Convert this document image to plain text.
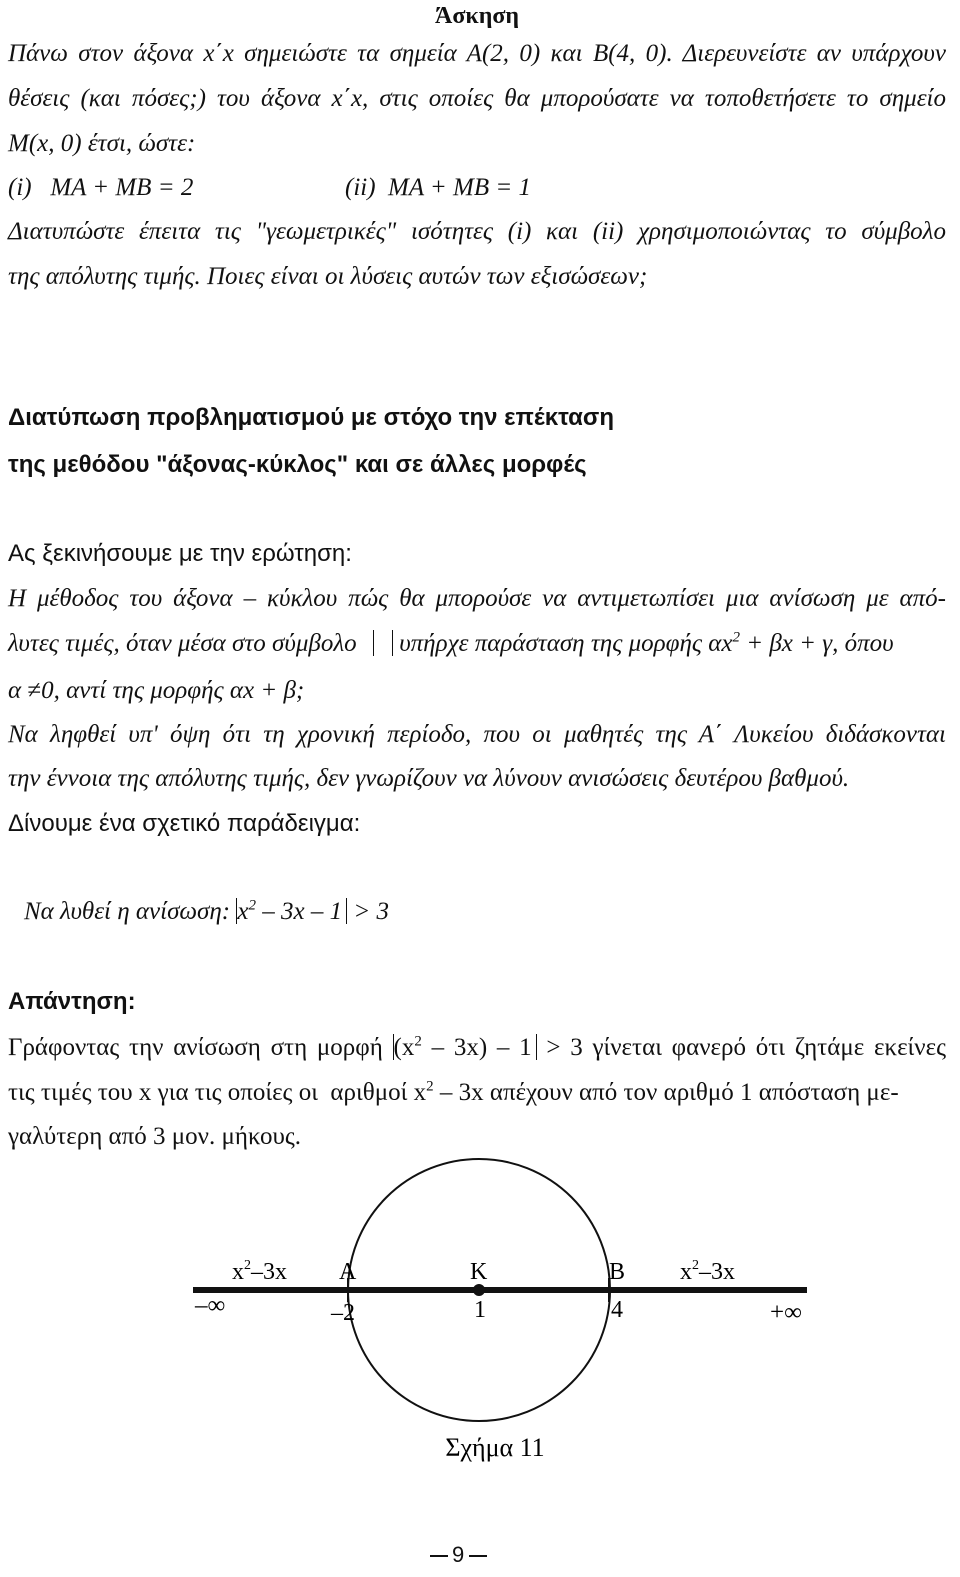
Άσκηση
Πάνω στον άξονα x΄x σημειώστε τα σημεία Α(2, 0) και Β(4, 0). Διερευνείστε αν υπάρχουν
θέσεις (και πόσες;) του άξονα x΄x, στις οποίες θα μπορούσατε να τοποθετήσετε το σημείο
Μ(x, 0) έτσι, ώστε:
(i)   ΜΑ + ΜΒ = 2	(ii)  ΜΑ + ΜΒ = 1
Διατυπώστε έπειτα τις "γεωμετρικές" ισότητες (i) και (ii) χρησιμοποιώντας το σύμβολο
της απόλυτης τιμής. Ποιες είναι οι λύσεις αυτών των εξισώσεων;
Διατύπωση προβληματισμού με στόχο την επέκταση
της μεθόδου "άξονας-κύκλος" και σε άλλες μορφές
Ας ξεκινήσουμε με την ερώτηση:
Η μέθοδος του άξονα – κύκλου πώς θα μπορούσε να αντιμετωπίσει μια ανίσωση με από-
λυτες τιμές, όταν μέσα στο σύμβολο υπήρχε παράσταση της μορφής $\alpha x^2 + \beta x + \gamma$, όπου
α ≠0, αντί της μορφής αx + β;
Να ληφθεί υπ' όψη ότι τη χρονική περίοδο, που οι μαθητές της Α΄ Λυκείου διδάσκονται
την έννοια της απόλυτης τιμής, δεν γνωρίζουν να λύνουν ανισώσεις δευτέρου βαθμού.
Δίνουμε ένα σχετικό παράδειγμα:
Να λυθεί η ανίσωση: $x^2 - 3x - 1 > 3$
Απάντηση:
Γράφοντας την ανίσωση στη μορφή $(x^2 - 3x) - 1 > 3$ γίνεται φανερό ότι ζητάμε εκείνες
τις τιμές του x για τις οποίες οι  αριθμοί $x^2 - 3x$ απέχουν από τον αριθμό 1 απόσταση με-
γαλύτερη από 3 μον. μήκους.
$x^2-3x$	$x^2-3x$
Α	Κ	Β
–∞	+∞
–2	1	4
Σχήμα 11
9
